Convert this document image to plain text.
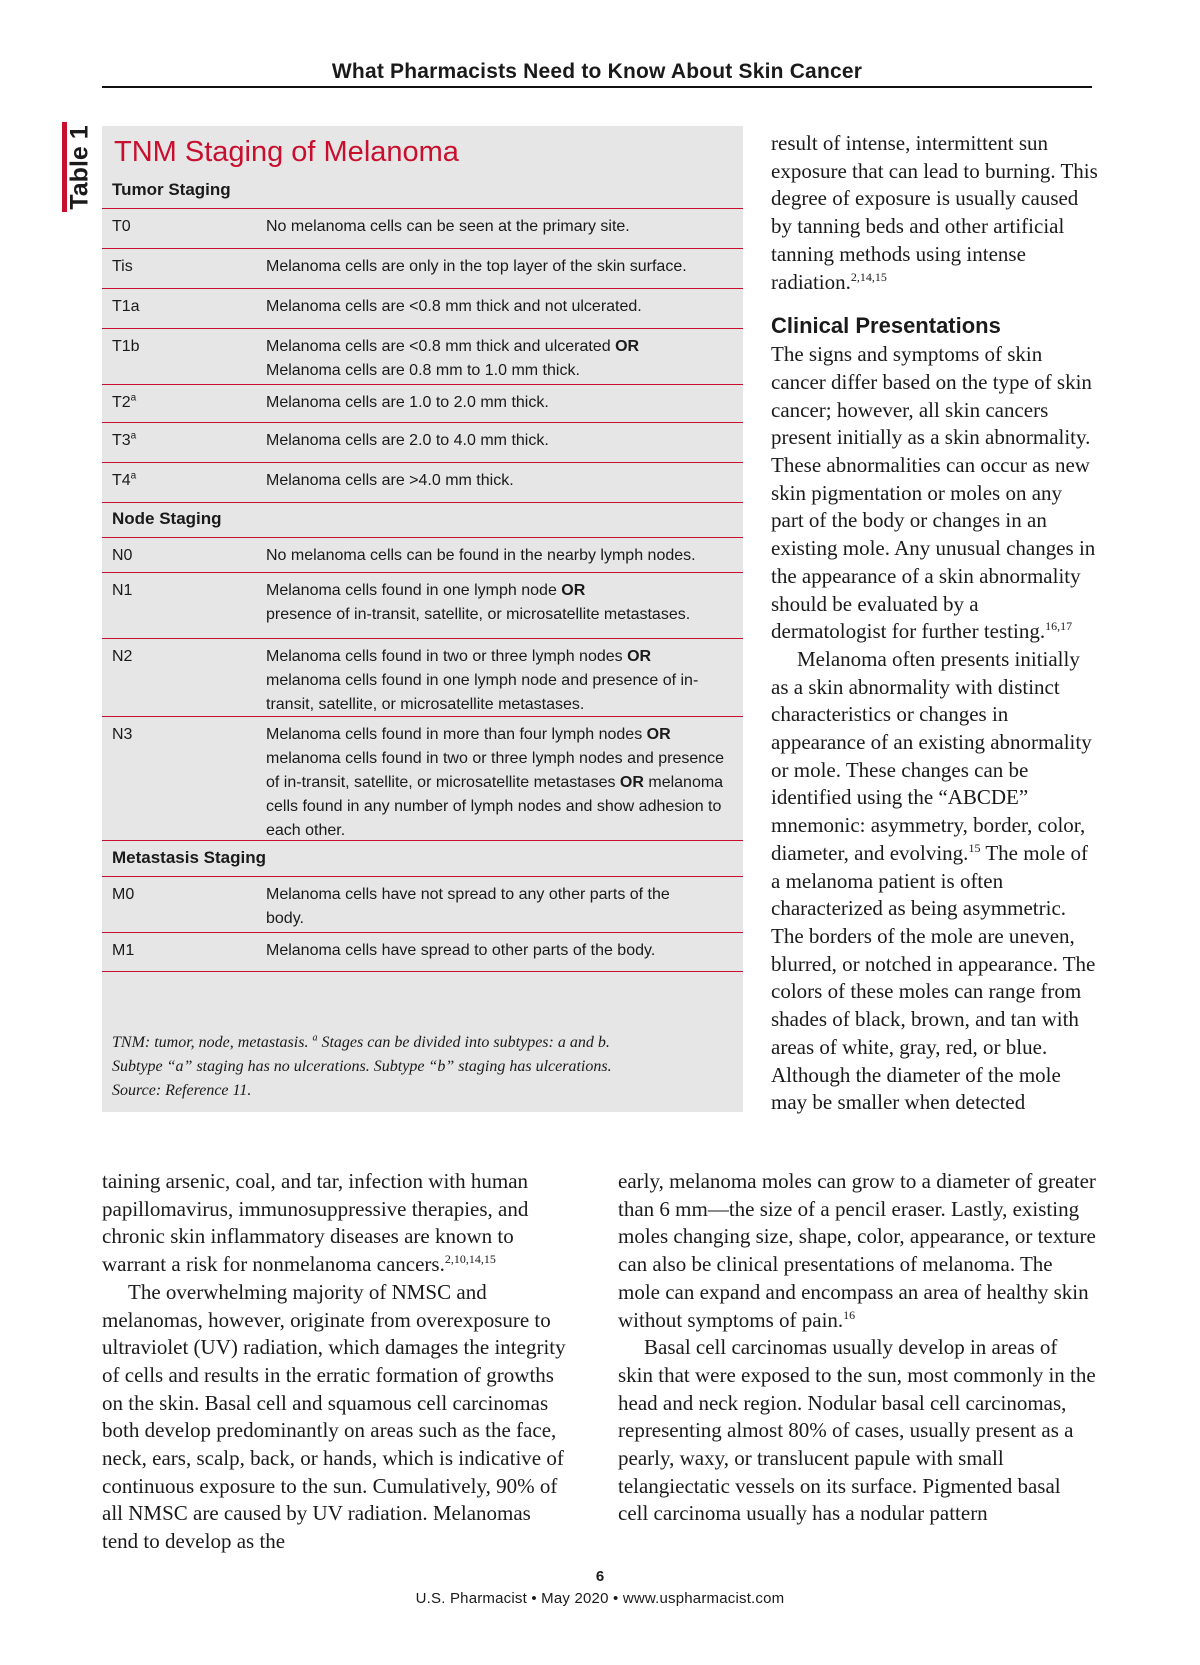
What Pharmacists Need to Know About Skin Cancer
Table 1 TNM Staging of Melanoma
Tumor Staging
T0	No melanoma cells can be seen at the primary site.
Tis	Melanoma cells are only in the top layer of the skin surface.
T1a	Melanoma cells are <0.8 mm thick and not ulcerated.
T1b	Melanoma cells are <0.8 mm thick and ulcerated OR
Melanoma cells are 0.8 mm to 1.0 mm thick.
T2$^a$	Melanoma cells are 1.0 to 2.0 mm thick.
T3$^a$	Melanoma cells are 2.0 to 4.0 mm thick.
T4$^a$	Melanoma cells are >4.0 mm thick.
Node Staging
N0	No melanoma cells can be found in the nearby lymph nodes.
N1	Melanoma cells found in one lymph node OR
presence of in-transit, satellite, or microsatellite metastases.
N2	Melanoma cells found in two or three lymph nodes OR
melanoma cells found in one lymph node and presence of in-transit, satellite, or microsatellite metastases.
N3	Melanoma cells found in more than four lymph nodes OR melanoma cells found in two or three lymph nodes and presence of in-transit, satellite, or microsatellite metastases OR melanoma cells found in any number of lymph nodes and show adhesion to each other.
Metastasis Staging
M0	Melanoma cells have not spread to any other parts of the body.
M1	Melanoma cells have spread to other parts of the body.

TNM: tumor, node, metastasis. $^a$ Stages can be divided into subtypes: a and b.

Subtype “a” staging has no ulcerations. Subtype “b” staging has ulcerations.

Source: Reference 11.

result of intense, intermittent sun exposure that can lead to burning. This degree of exposure is usually caused by tanning beds and other artificial tanning methods using intense radiation.$^{2,14,15}$

Clinical Presentations

The signs and symptoms of skin cancer differ based on the type of skin cancer; however, all skin cancers present initially as a skin abnormality. These abnormalities can occur as new skin pigmentation or moles on any part of the body or changes in an existing mole. Any unusual changes in the appearance of a skin abnormality should be evaluated by a dermatologist for further testing.$^{16,17}$

Melanoma often presents initially as a skin abnormality with distinct characteristics or changes in appearance of an existing abnormality or mole. These changes can be identified using the “ABCDE” mnemonic: asymmetry, border, color, diameter, and evolving.$^{15}$ The mole of a melanoma patient is often characterized as being asymmetric. The borders of the mole are uneven, blurred, or notched in appearance. The colors of these moles can range from shades of black, brown, and tan with areas of white, gray, red, or blue. Although the diameter of the mole may be smaller when detected

taining arsenic, coal, and tar, infection with human papillomavirus, immunosuppressive therapies, and chronic skin inflammatory diseases are known to warrant a risk for nonmelanoma cancers.$^{2,10,14,15}$

The overwhelming majority of NMSC and melanomas, however, originate from overexposure to ultraviolet (UV) radiation, which damages the integrity of cells and results in the erratic formation of growths on the skin. Basal cell and squamous cell carcinomas both develop predominantly on areas such as the face, neck, ears, scalp, back, or hands, which is indicative of continuous exposure to the sun. Cumulatively, 90% of all NMSC are caused by UV radiation. Melanomas tend to develop as the

early, melanoma moles can grow to a diameter of greater than 6 mm—the size of a pencil eraser. Lastly, existing moles changing size, shape, color, appearance, or texture can also be clinical presentations of melanoma. The mole can expand and encompass an area of healthy skin without symptoms of pain.$^{16}$

Basal cell carcinomas usually develop in areas of skin that were exposed to the sun, most commonly in the head and neck region. Nodular basal cell carcinomas, representing almost 80% of cases, usually present as a pearly, waxy, or translucent papule with small telangiectatic vessels on its surface. Pigmented basal cell carcinoma usually has a nodular pattern

6
U.S. Pharmacist • May 2020 • www.uspharmacist.com
